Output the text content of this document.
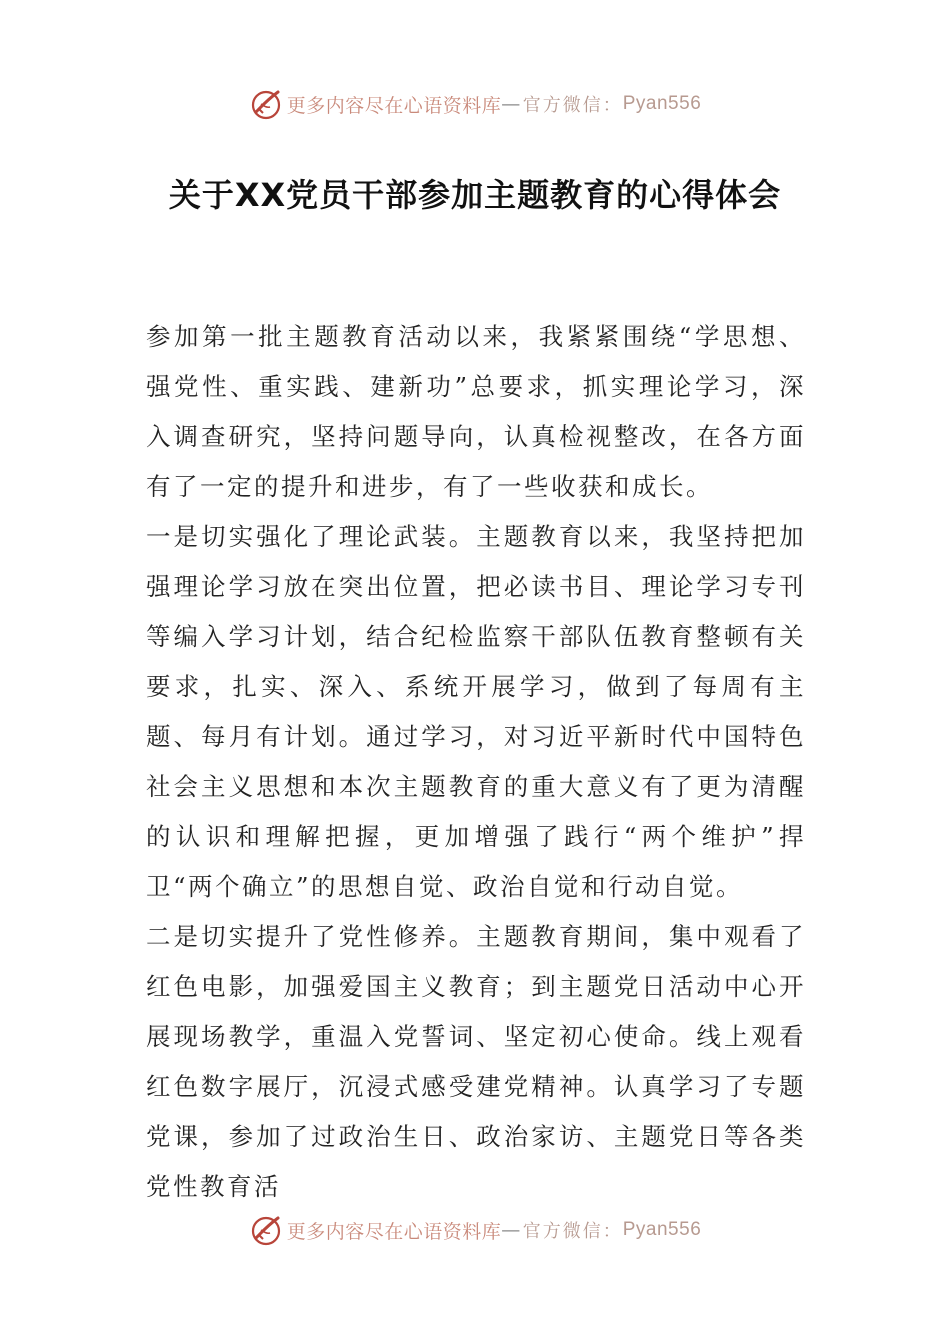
更多内容尽在心语资料库 — 官方微信： Pyan556
关于XX党员干部参加主题教育的心得体会

参加第一批主题教育活动以来，我紧紧围绕“学思想、强党性、重实践、建新功”总要求，抓实理论学习，深入调查研究，坚持问题导向，认真检视整改，在各方面有了一定的提升和进步，有了一些收获和成长。

一是切实强化了理论武装。主题教育以来，我坚持把加强理论学习放在突出位置，把必读书目、理论学习专刊等编入学习计划，结合纪检监察干部队伍教育整顿有关要求，扎实、深入、系统开展学习，做到了每周有主题、每月有计划。通过学习，对习近平新时代中国特色社会主义思想和本次主题教育的重大意义有了更为清醒的认识和理解把握，更加增强了践行“两个维护”捍卫“两个确立”的思想自觉、政治自觉和行动自觉。

二是切实提升了党性修养。主题教育期间，集中观看了红色电影，加强爱国主义教育；到主题党日活动中心开展现场教学，重温入党誓词、坚定初心使命。线上观看红色数字展厅，沉浸式感受建党精神。认真学习了专题党课，参加了过政治生日、政治家访、主题党日等各类党性教育活

更多内容尽在心语资料库 — 官方微信： Pyan556
